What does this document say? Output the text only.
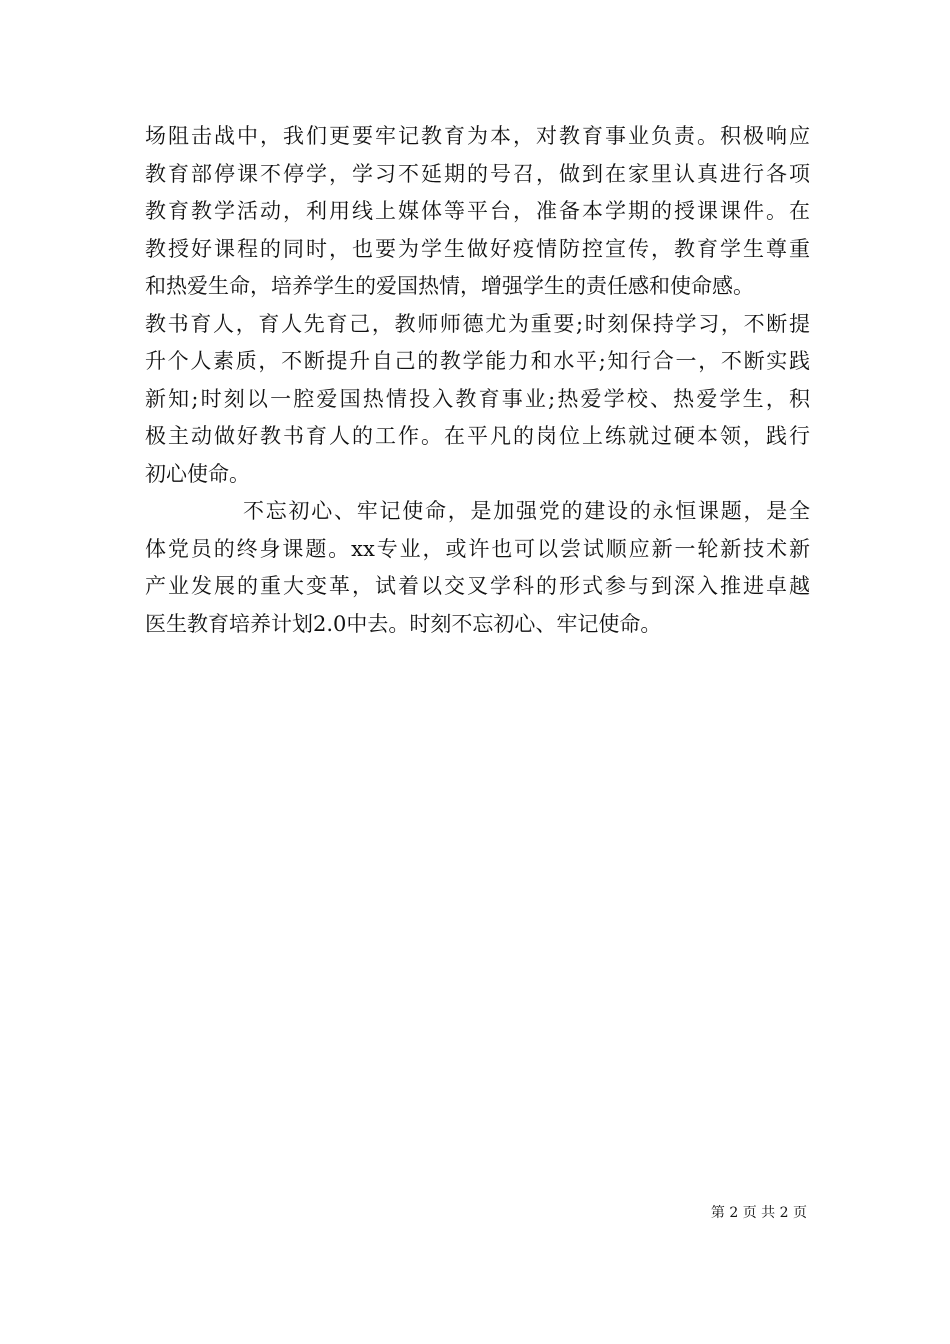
场阻击战中，我们更要牢记教育为本，对教育事业负责。积极响应
教育部停课不停学，学习不延期的号召，做到在家里认真进行各项
教育教学活动，利用线上媒体等平台，准备本学期的授课课件。在
教授好课程的同时，也要为学生做好疫情防控宣传，教育学生尊重
和热爱生命，培养学生的爱国热情，增强学生的责任感和使命感。
教书育人，育人先育己，教师师德尤为重要;时刻保持学习，不断提
升个人素质，不断提升自己的教学能力和水平;知行合一，不断实践
新知;时刻以一腔爱国热情投入教育事业;热爱学校、热爱学生，积
极主动做好教书育人的工作。在平凡的岗位上练就过硬本领，践行
初心使命。
不忘初心、牢记使命，是加强党的建设的永恒课题，是全
体党员的终身课题。xx专业，或许也可以尝试顺应新一轮新技术新
产业发展的重大变革，试着以交叉学科的形式参与到深入推进卓越
医生教育培养计划2.0中去。时刻不忘初心、牢记使命。
第 2 页 共 2 页
